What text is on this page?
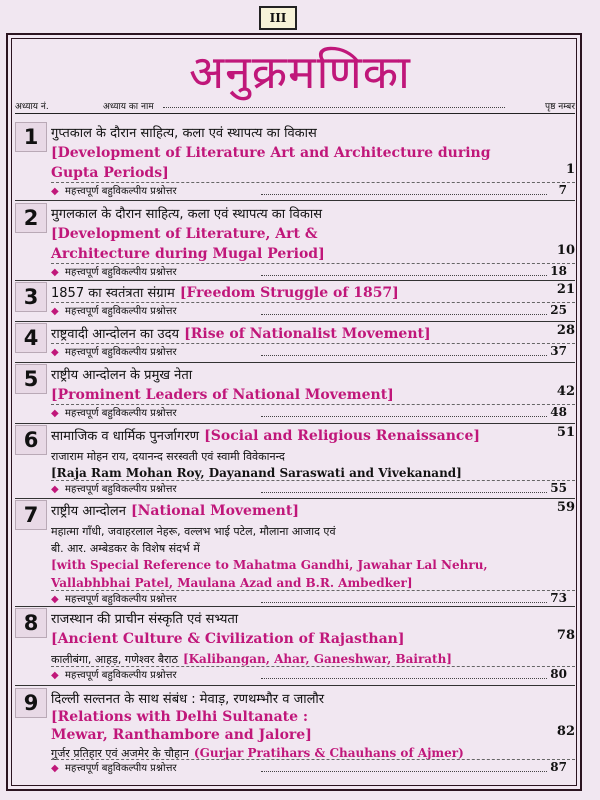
III
अनुक्रमणिका
अध्याय नं.	अध्याय का नाम	पृष्ठ नम्बर
1 गुप्तकाल के दौरान साहित्य, कला एवं स्थापत्य का विकास
[Development of Literature Art and Architecture during
Gupta Periods]	1
◆ महत्त्वपूर्ण बहुविकल्पीय प्रश्नोत्तर	7
2 मुगलकाल के दौरान साहित्य, कला एवं स्थापत्य का विकास
[Development of Literature, Art &
Architecture during Mugal Period]	10
◆ महत्त्वपूर्ण बहुविकल्पीय प्रश्नोत्तर	18
3 1857 का स्वतंत्रता संग्राम [Freedom Struggle of 1857]	21
◆ महत्त्वपूर्ण बहुविकल्पीय प्रश्नोत्तर	25
4 राष्ट्रवादी आन्दोलन का उदय [Rise of Nationalist Movement]	28
◆ महत्त्वपूर्ण बहुविकल्पीय प्रश्नोत्तर	37
5 राष्ट्रीय आन्दोलन के प्रमुख नेता
[Prominent Leaders of National Movement]	42
◆ महत्त्वपूर्ण बहुविकल्पीय प्रश्नोत्तर	48
6 सामाजिक व धार्मिक पुनर्जागरण [Social and Religious Renaissance]	51
राजाराम मोहन राय, दयानन्द सरस्वती एवं स्वामी विवेकानन्द
[Raja Ram Mohan Roy, Dayanand Saraswati and Vivekanand]
◆ महत्त्वपूर्ण बहुविकल्पीय प्रश्नोत्तर	55
7 राष्ट्रीय आन्दोलन [National Movement]	59
महात्मा गाँधी, जवाहरलाल नेहरू, वल्लभ भाई पटेल, मौलाना आजाद एवं
बी. आर. अम्बेडकर के विशेष संदर्भ में
[with Special Reference to Mahatma Gandhi, Jawahar Lal Nehru,
Vallabhbhai Patel, Maulana Azad and B.R. Ambedker]
◆ महत्त्वपूर्ण बहुविकल्पीय प्रश्नोत्तर	73
8 राजस्थान की प्राचीन संस्कृति एवं सभ्यता
[Ancient Culture & Civilization of Rajasthan]	78
कालीबंगा, आहड़, गणेश्वर बैराठ [Kalibangan, Ahar, Ganeshwar, Bairath]
◆ महत्त्वपूर्ण बहुविकल्पीय प्रश्नोत्तर	80
9 दिल्ली सल्तनत के साथ संबंध : मेवाड़, रणथम्भौर व जालौर
[Relations with Delhi Sultanate :
Mewar, Ranthambore and Jalore]	82
गुर्जर प्रतिहार एवं अजमेर के चौहान (Gurjar Pratihars & Chauhans of Ajmer)
◆ महत्त्वपूर्ण बहुविकल्पीय प्रश्नोत्तर	87
